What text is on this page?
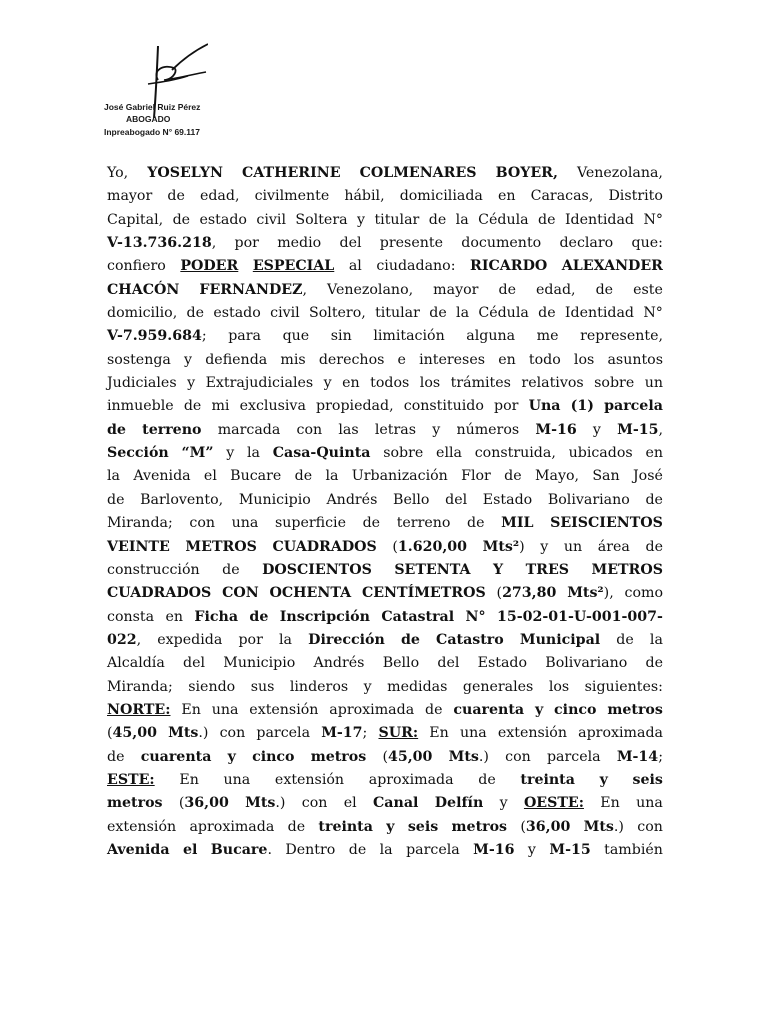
José Gabriel Ruiz Pérez
ABOGADO
Inpreabogado N° 69.117
Yo, YOSELYN CATHERINE COLMENARES BOYER, Venezolana,
mayor de edad, civilmente hábil, domiciliada en Caracas, Distrito
Capital, de estado civil Soltera y titular de la Cédula de Identidad N°
V-13.736.218, por medio del presente documento declaro que:
confiero PODER ESPECIAL al ciudadano: RICARDO ALEXANDER
CHACÓN FERNANDEZ, Venezolano, mayor de edad, de este
domicilio, de estado civil Soltero, titular de la Cédula de Identidad N°
V-7.959.684; para que sin limitación alguna me represente,
sostenga y defienda mis derechos e intereses en todo los asuntos
Judiciales y Extrajudiciales y en todos los trámites relativos sobre un
inmueble de mi exclusiva propiedad, constituido por Una (1) parcela
de terreno marcada con las letras y números M-16 y M-15,
Sección “M” y la Casa-Quinta sobre ella construida, ubicados en
la Avenida el Bucare de la Urbanización Flor de Mayo, San José
de Barlovento, Municipio Andrés Bello del Estado Bolivariano de
Miranda; con una superficie de terreno de MIL SEISCIENTOS
VEINTE METROS CUADRADOS (1.620,00 Mts²) y un área de
construcción de DOSCIENTOS SETENTA Y TRES METROS
CUADRADOS CON OCHENTA CENTÍMETROS (273,80 Mts²), como
consta en Ficha de Inscripción Catastral N° 15-02-01-U-001-007-
022, expedida por la Dirección de Catastro Municipal de la
Alcaldía del Municipio Andrés Bello del Estado Bolivariano de
Miranda; siendo sus linderos y medidas generales los siguientes:
NORTE: En una extensión aproximada de cuarenta y cinco metros
(45,00 Mts.) con parcela M-17; SUR: En una extensión aproximada
de cuarenta y cinco metros (45,00 Mts.) con parcela M-14;
ESTE: En una extensión aproximada de treinta y seis
metros (36,00 Mts.) con el Canal Delfín y OESTE: En una
extensión aproximada de treinta y seis metros (36,00 Mts.) con
Avenida el Bucare. Dentro de la parcela M-16 y M-15 también
